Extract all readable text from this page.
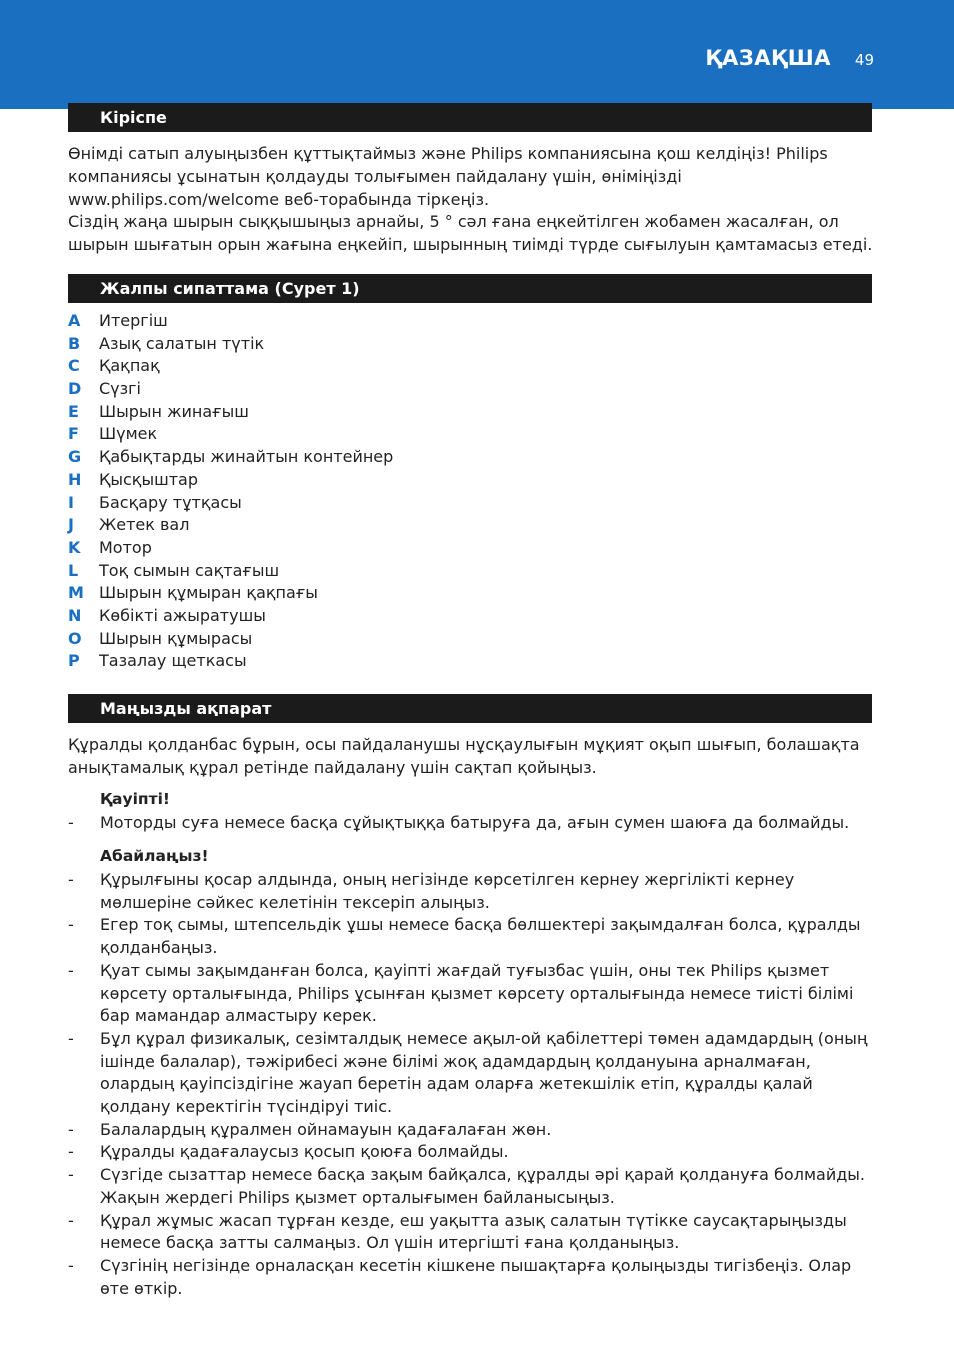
ҚАЗАҚША 49
Кіріспе

Өнімді сатып алуыңызбен құттықтаймыз және Philips компаниясына қош келдіңіз! Philips компаниясы ұсынатын қолдауды толығымен пайдалану үшін, өніміңізді www.philips.com/welcome веб-торабында тіркеңіз.

Сіздің жаңа шырын сыққышыңыз арнайы, 5 ° сәл ғана еңкейтілген жобамен жасалған, ол шырын шығатын орын жағына еңкейіп, шырынның тиімді түрде сығылуын қамтамасыз етеді.

Жалпы сипаттама (Сурет 1)
A Итергіш
B Азық салатын түтік
C Қақпақ
D Сүзгі
E Шырын жинағыш
F Шүмек
G Қабықтарды жинайтын контейнер
H Қысқыштар
I Басқару тұтқасы
J Жетек вал
K Мотор
L Тоқ сымын сақтағыш
M Шырын құмыран қақпағы
N Көбікті ажыратушы
O Шырын құмырасы
P Тазалау щеткасы
Маңызды ақпарат

Құралды қолданбас бұрын, осы пайдаланушы нұсқаулығын мұқият оқып шығып, болашақта анықтамалық құрал ретінде пайдалану үшін сақтап қойыңыз.

Қауіпті!
-	Моторды суға немесе басқа сұйықтыққа батыруға да, ағын сумен шаюға да болмайды.
Абайлаңыз!
-	Құрылғыны қосар алдында, оның негізінде көрсетілген кернеу жергілікті кернеу мөлшеріне сәйкес келетінін тексеріп алыңыз.
-	Егер тоқ сымы, штепсельдік ұшы немесе басқа бөлшектері зақымдалған болса, құралды қолданбаңыз.
-	Қуат сымы зақымданған болса, қауіпті жағдай туғызбас үшін, оны тек Philips қызмет көрсету орталығында, Philips ұсынған қызмет көрсету орталығында немесе тиісті білімі бар мамандар алмастыру керек.
-	Бұл құрал физикалық, сезімталдық немесе ақыл-ой қабілеттері төмен адамдардың (оның ішінде балалар), тәжірибесі және білімі жоқ адамдардың қолдануына арналмаған, олардың қауіпсіздігіне жауап беретін адам оларға жетекшілік етіп, құралды қалай қолдану керектігін түсіндіруі тиіс.
-	Балалардың құралмен ойнамауын қадағалаған жөн.
-	Құралды қадағалаусыз қосып қоюға болмайды.
-	Сүзгіде сызаттар немесе басқа зақым байқалса, құралды әрі қарай қолдануға болмайды. Жақын жердегі Philips қызмет орталығымен байланысыңыз.
-	Құрал жұмыс жасап тұрған кезде, еш уақытта азық салатын түтікке саусақтарыңызды немесе басқа затты салмаңыз. Ол үшін итергішті ғана қолданыңыз.
-	Сүзгінің негізінде орналасқан кесетін кішкене пышақтарға қолыңызды тигізбеңіз. Олар өте өткір.
